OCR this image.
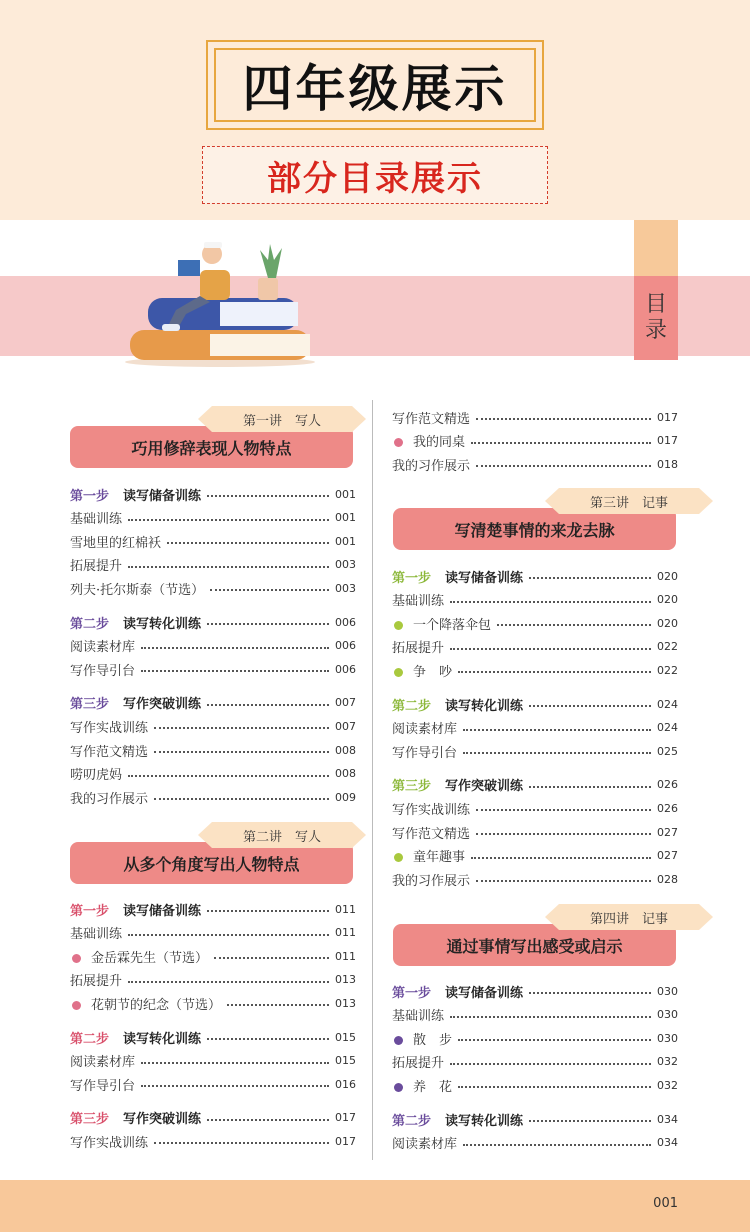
四年级展示
部分目录展示
目
录
巧用修辞表现人物特点
第一讲　写人
第一步 读写储备训练	001
基础训练	001
雪地里的红棉袄	001
拓展提升	003
列夫·托尔斯泰（节选）	003
第二步 读写转化训练	006
阅读素材库	006
写作导引台	006
第三步 写作突破训练	007
写作实战训练	007
写作范文精选	008
唠叨虎妈	008
我的习作展示	009
从多个角度写出人物特点
第二讲　写人
第一步 读写储备训练	011
基础训练	011
金岳霖先生（节选）	011
拓展提升	013
花朝节的纪念（节选）	013
第二步 读写转化训练	015
阅读素材库	015
写作导引台	016
第三步 写作突破训练	017
写作实战训练	017
写作范文精选	017
我的同桌	017
我的习作展示	018
写清楚事情的来龙去脉
第三讲　记事
第一步 读写储备训练	020
基础训练	020
一个降落伞包	020
拓展提升	022
争　吵	022
第二步 读写转化训练	024
阅读素材库	024
写作导引台	025
第三步 写作突破训练	026
写作实战训练	026
写作范文精选	027
童年趣事	027
我的习作展示	028
通过事情写出感受或启示
第四讲　记事
第一步 读写储备训练	030
基础训练	030
散　步	030
拓展提升	032
养　花	032
第二步 读写转化训练	034
阅读素材库	034
001
